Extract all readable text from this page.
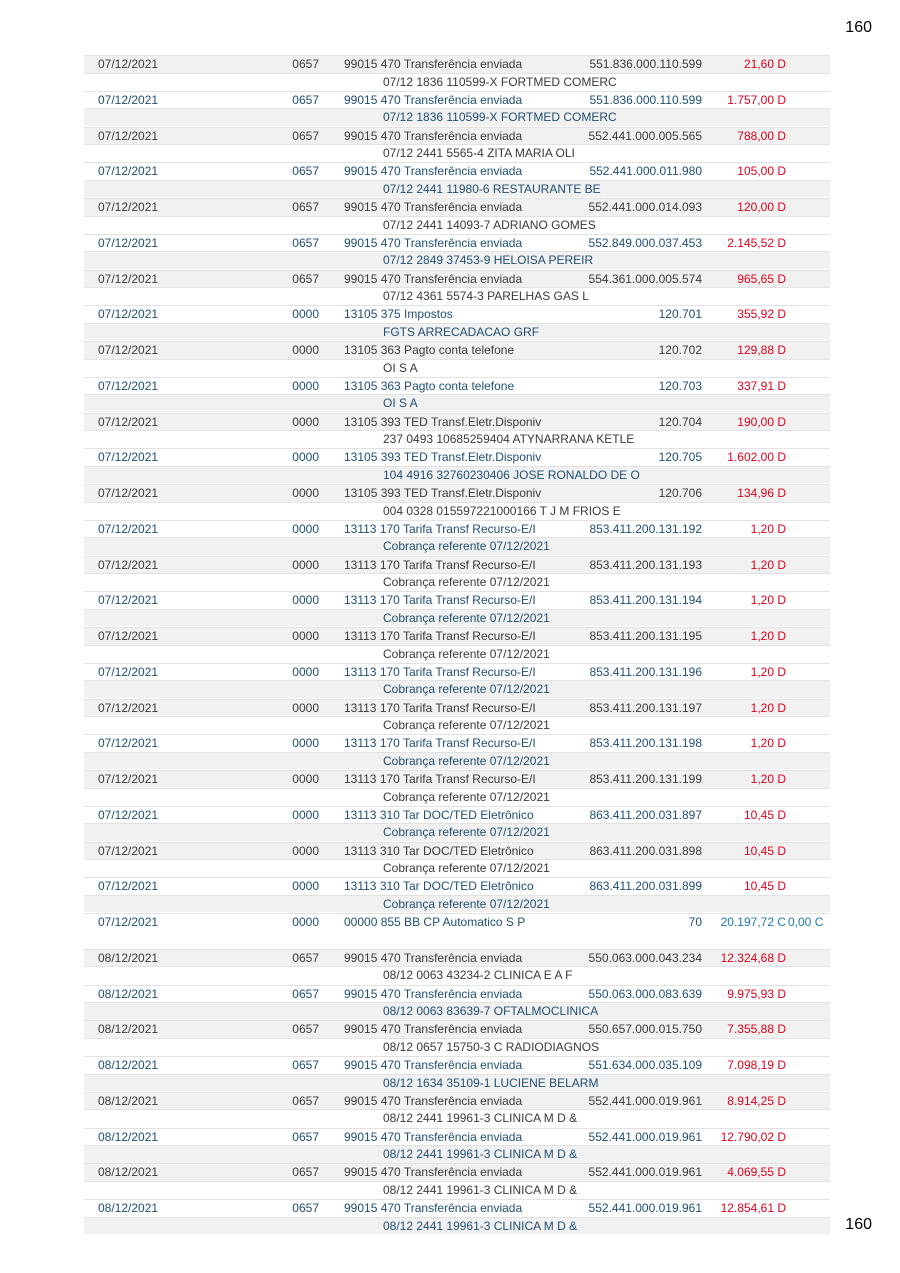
160
07/12/2021	0657 99015 470 Transferência enviada	551.836.000.110.599	21,60 D
07/12 1836 110599-X FORTMED COMERC
07/12/2021	0657 99015 470 Transferência enviada	551.836.000.110.599	1.757,00 D
07/12 1836 110599-X FORTMED COMERC
07/12/2021	0657 99015 470 Transferência enviada	552.441.000.005.565	788,00 D
07/12 2441 5565-4 ZITA MARIA OLI
07/12/2021	0657 99015 470 Transferência enviada	552.441.000.011.980	105,00 D
07/12 2441 11980-6 RESTAURANTE BE
07/12/2021	0657 99015 470 Transferência enviada	552.441.000.014.093	120,00 D
07/12 2441 14093-7 ADRIANO GOMES
07/12/2021	0657 99015 470 Transferência enviada	552.849.000.037.453	2.145,52 D
07/12 2849 37453-9 HELOISA PEREIR
07/12/2021	0657 99015 470 Transferência enviada	554.361.000.005.574	965,65 D
07/12 4361 5574-3 PARELHAS GAS L
07/12/2021	0000 13105 375 Impostos	120.701	355,92 D
FGTS ARRECADACAO GRF
07/12/2021	0000 13105 363 Pagto conta telefone	120.702	129,88 D
OI S A
07/12/2021	0000 13105 363 Pagto conta telefone	120.703	337,91 D
OI S A
07/12/2021	0000 13105 393 TED Transf.Eletr.Disponiv	120.704	190,00 D
237 0493 10685259404 ATYNARRANA KETLE
07/12/2021	0000 13105 393 TED Transf.Eletr.Disponiv	120.705	1.602,00 D
104 4916 32760230406 JOSE RONALDO DE O
07/12/2021	0000 13105 393 TED Transf.Eletr.Disponiv	120.706	134,96 D
004 0328 015597221000166 T J M FRIOS E
07/12/2021	0000 13113 170 Tarifa Transf Recurso-E/I	853.411.200.131.192	1,20 D
Cobrança referente 07/12/2021
07/12/2021	0000 13113 170 Tarifa Transf Recurso-E/I	853.411.200.131.193	1,20 D
Cobrança referente 07/12/2021
07/12/2021	0000 13113 170 Tarifa Transf Recurso-E/I	853.411.200.131.194	1,20 D
Cobrança referente 07/12/2021
07/12/2021	0000 13113 170 Tarifa Transf Recurso-E/I	853.411.200.131.195	1,20 D
Cobrança referente 07/12/2021
07/12/2021	0000 13113 170 Tarifa Transf Recurso-E/I	853.411.200.131.196	1,20 D
Cobrança referente 07/12/2021
07/12/2021	0000 13113 170 Tarifa Transf Recurso-E/I	853.411.200.131.197	1,20 D
Cobrança referente 07/12/2021
07/12/2021	0000 13113 170 Tarifa Transf Recurso-E/I	853.411.200.131.198	1,20 D
Cobrança referente 07/12/2021
07/12/2021	0000 13113 170 Tarifa Transf Recurso-E/I	853.411.200.131.199	1,20 D
Cobrança referente 07/12/2021
07/12/2021	0000 13113 310 Tar DOC/TED Eletrônico	863.411.200.031.897	10,45 D
Cobrança referente 07/12/2021
07/12/2021	0000 13113 310 Tar DOC/TED Eletrônico	863.411.200.031.898	10,45 D
Cobrança referente 07/12/2021
07/12/2021	0000 13113 310 Tar DOC/TED Eletrônico	863.411.200.031.899	10,45 D
Cobrança referente 07/12/2021
07/12/2021	0000 00000 855 BB CP Automatico S P	70	20.197,72 C 0,00 C
08/12/2021	0657 99015 470 Transferência enviada	550.063.000.043.234	12.324,68 D
08/12 0063 43234-2 CLINICA E A F
08/12/2021	0657 99015 470 Transferência enviada	550.063.000.083.639	9.975,93 D
08/12 0063 83639-7 OFTALMOCLINICA
08/12/2021	0657 99015 470 Transferência enviada	550.657.000.015.750	7.355,88 D
08/12 0657 15750-3 C RADIODIAGNOS
08/12/2021	0657 99015 470 Transferência enviada	551.634.000.035.109	7.098,19 D
08/12 1634 35109-1 LUCIENE BELARM
08/12/2021	0657 99015 470 Transferência enviada	552.441.000.019.961	8.914,25 D
08/12 2441 19961-3 CLINICA M D &
08/12/2021	0657 99015 470 Transferência enviada	552.441.000.019.961	12.790,02 D
08/12 2441 19961-3 CLINICA M D &
08/12/2021	0657 99015 470 Transferência enviada	552.441.000.019.961	4.069,55 D
08/12 2441 19961-3 CLINICA M D &
08/12/2021	0657 99015 470 Transferência enviada	552.441.000.019.961	12.854,61 D
08/12 2441 19961-3 CLINICA M D &	160
